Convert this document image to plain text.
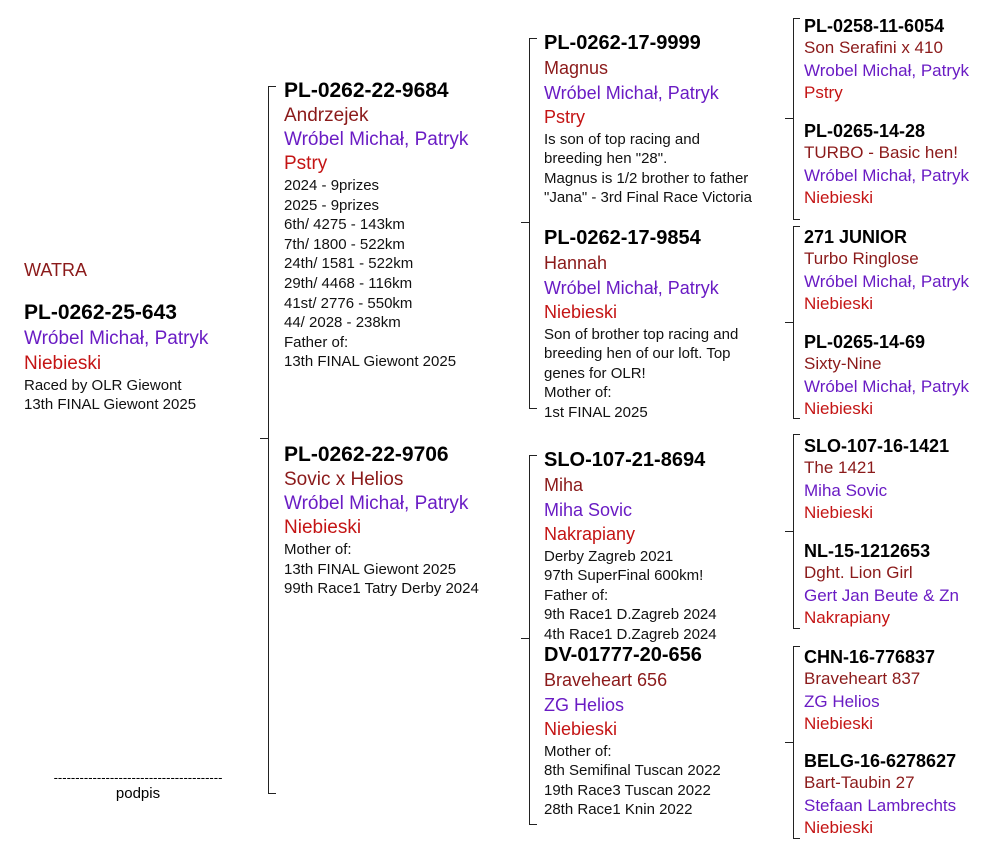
WATRA
PL-0262-25-643
Wróbel Michał, Patryk
Niebieski
Raced by OLR Giewont
13th FINAL Giewont 2025
---------------------------------------
podpis
PL-0262-22-9684
Andrzejek
Wróbel Michał, Patryk
Pstry
2024 - 9prizes
2025 - 9prizes
6th/ 4275 - 143km
7th/ 1800 - 522km
24th/ 1581 - 522km
29th/ 4468 - 116km
41st/ 2776 - 550km
44/ 2028 - 238km
Father of:
13th FINAL Giewont 2025
PL-0262-22-9706
Sovic x Helios
Wróbel Michał, Patryk
Niebieski
Mother of:
13th FINAL Giewont 2025
99th Race1 Tatry Derby 2024
PL-0262-17-9999
Magnus
Wróbel Michał, Patryk
Pstry
Is son of top racing and
breeding hen "28".
Magnus is 1/2 brother to father
"Jana" - 3rd Final Race Victoria
PL-0262-17-9854
Hannah
Wróbel Michał, Patryk
Niebieski
Son of brother top racing and
breeding hen of our loft. Top
genes for OLR!
Mother of:
1st FINAL 2025
SLO-107-21-8694
Miha
Miha Sovic
Nakrapiany
Derby Zagreb 2021
97th SuperFinal 600km!
Father of:
9th Race1 D.Zagreb 2024
4th Race1 D.Zagreb 2024
DV-01777-20-656
Braveheart 656
ZG Helios
Niebieski
Mother of:
8th Semifinal Tuscan 2022
19th Race3 Tuscan 2022
28th Race1 Knin 2022
PL-0258-11-6054
Son Serafini x 410
Wrobel Michał, Patryk
Pstry
PL-0265-14-28
TURBO - Basic hen!
Wróbel Michał, Patryk
Niebieski
271 JUNIOR
Turbo Ringlose
Wróbel Michał, Patryk
Niebieski
PL-0265-14-69
Sixty-Nine
Wróbel Michał, Patryk
Niebieski
SLO-107-16-1421
The 1421
Miha Sovic
Niebieski
NL-15-1212653
Dght. Lion Girl
Gert Jan Beute & Zn
Nakrapiany
CHN-16-776837
Braveheart 837
ZG Helios
Niebieski
BELG-16-6278627
Bart-Taubin 27
Stefaan Lambrechts
Niebieski
